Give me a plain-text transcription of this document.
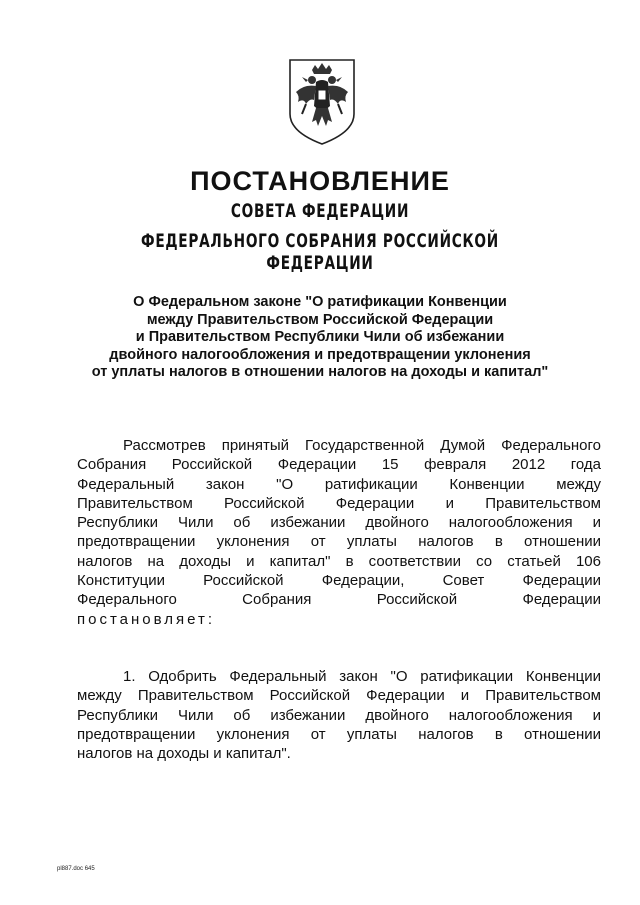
ПОСТАНОВЛЕНИЕ
СОВЕТА ФЕДЕРАЦИИ
ФЕДЕРАЛЬНОГО СОБРАНИЯ РОССИЙСКОЙ ФЕДЕРАЦИИ
О Федеральном законе "О ратификации Конвенции
между Правительством Российской Федерации
и Правительством Республики Чили об избежании
двойного налогообложения и предотвращении уклонения
от уплаты налогов в отношении налогов на доходы и капитал"
Рассмотрев принятый Государственной Думой Федерального
Собрания Российской Федерации 15 февраля 2012 года
Федеральный закон "О ратификации Конвенции между
Правительством Российской Федерации и Правительством
Республики Чили об избежании двойного налогообложения и
предотвращении уклонения от уплаты налогов в отношении
налогов на доходы и капитал" в соответствии со статьей 106
Конституции Российской Федерации, Совет Федерации
Федерального Собрания Российской Федерации
постановляет:
1. Одобрить Федеральный закон "О ратификации Конвенции
между Правительством Российской Федерации и Правительством
Республики Чили об избежании двойного налогообложения и
предотвращении уклонения от уплаты налогов в отношении
налогов на доходы и капитал".
pl887.doc 645
